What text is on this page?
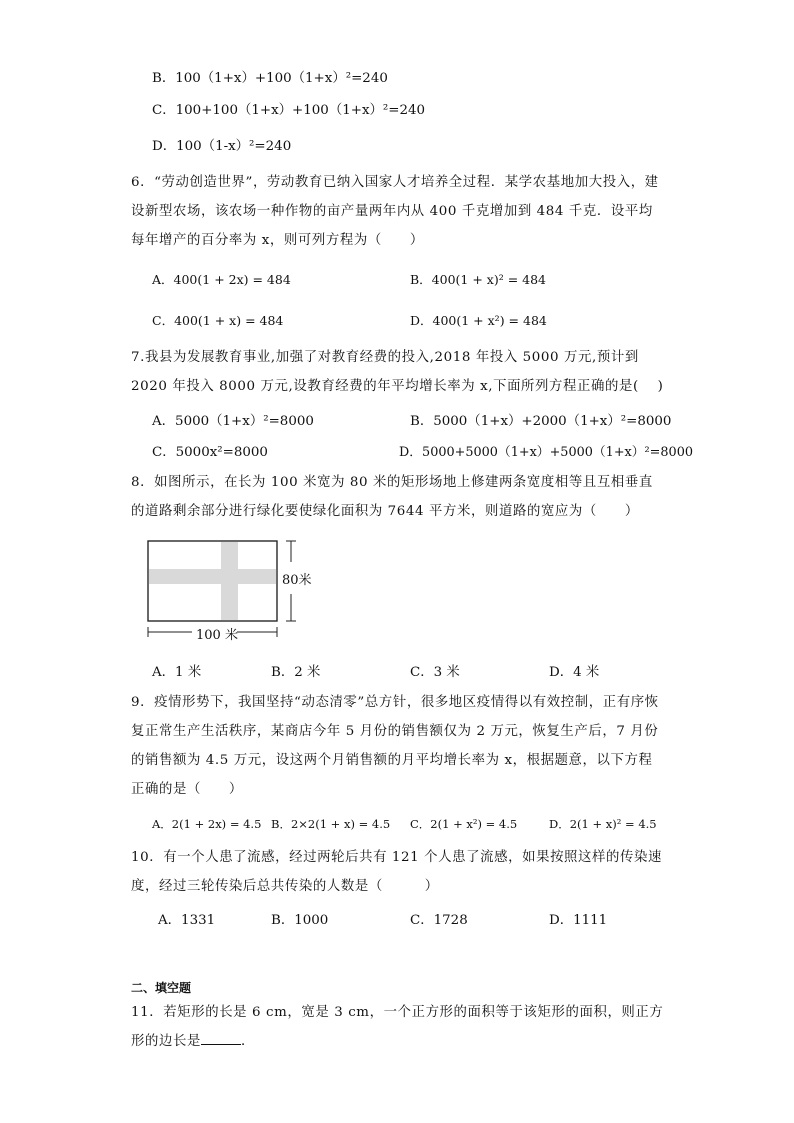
B．100（1+x）+100（1+x）²=240
C．100+100（1+x）+100（1+x）²=240
D．100（1-x）²=240
6．“劳动创造世界”，劳动教育已纳入国家人才培养全过程．某学农基地加大投入，建设新型农场，该农场一种作物的亩产量两年内从 400 千克增加到 484 千克．设平均每年增产的百分率为 x，则可列方程为（　　）
A．400(1 + 2x) = 484	B．400(1 + x)² = 484
C．400(1 + x) = 484	D．400(1 + x²) = 484
7.我县为发展教育事业,加强了对教育经费的投入,2018 年投入 5000 万元,预计到 2020 年投入 8000 万元,设教育经费的年平均增长率为 x,下面所列方程正确的是(　 )
A．5000（1+x）²=8000	B．5000（1+x）+2000（1+x）²=8000
C．5000x²=8000	D．5000+5000（1+x）+5000（1+x）²=8000
8．如图所示，在长为 100 米宽为 80 米的矩形场地上修建两条宽度相等且互相垂直的道路剩余部分进行绿化要使绿化面积为 7644 平方米，则道路的宽应为（　　）
80米
100 米
A．1 米	B．2 米	C．3 米	D．4 米
9．疫情形势下，我国坚持“动态清零”总方针，很多地区疫情得以有效控制，正有序恢复正常生产生活秩序，某商店今年 5 月份的销售额仅为 2 万元，恢复生产后，7 月份的销售额为 4.5 万元，设这两个月销售额的月平均增长率为 x，根据题意，以下方程正确的是（　　）
A．2(1 + 2x) = 4.5 B．2×2(1 + x) = 4.5 C．2(1 + x²) = 4.5	D．2(1 + x)² = 4.5
10．有一个人患了流感，经过两轮后共有 121 个人患了流感，如果按照这样的传染速度，经过三轮传染后总共传染的人数是（　　　）
A．1331	B．1000	C．1728	D．1111
二、填空题
11．若矩形的长是 6 cm，宽是 3 cm，一个正方形的面积等于该矩形的面积，则正方形的边长是	．
